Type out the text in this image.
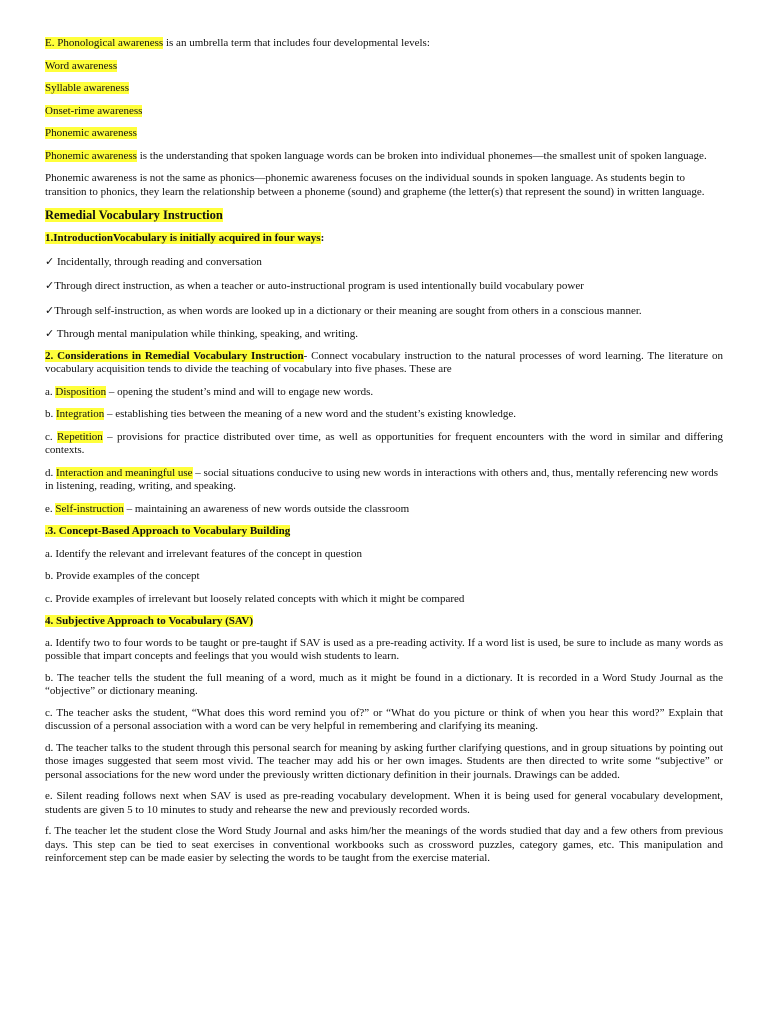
E. Phonological awareness is an umbrella term that includes four developmental levels:

Word awareness

Syllable awareness

Onset-rime awareness

Phonemic awareness

Phonemic awareness is the understanding that spoken language words can be broken into individual phonemes—the smallest unit of spoken language.

Phonemic awareness is not the same as phonics—phonemic awareness focuses on the individual sounds in spoken language. As students begin to transition to phonics, they learn the relationship between a phoneme (sound) and grapheme (the letter(s) that represent the sound) in written language.

Remedial Vocabulary Instruction

1.IntroductionVocabulary is initially acquired in four ways:

✓ Incidentally, through reading and conversation

✓Through direct instruction, as when a teacher or auto-instructional program is used intentionally build vocabulary power

✓Through self-instruction, as when words are looked up in a dictionary or their meaning are sought from others in a conscious manner.

✓ Through mental manipulation while thinking, speaking, and writing.

2. Considerations in Remedial Vocabulary Instruction- Connect vocabulary instruction to the natural processes of word learning. The literature on vocabulary acquisition tends to divide the teaching of vocabulary into five phases. These are

a. Disposition – opening the student’s mind and will to engage new words.

b. Integration – establishing ties between the meaning of a new word and the student’s existing knowledge.

c. Repetition – provisions for practice distributed over time, as well as opportunities for frequent encounters with the word in similar and differing contexts.

d. Interaction and meaningful use – social situations conducive to using new words in interactions with others and, thus, mentally referencing new words in listening, reading, writing, and speaking.

e. Self-instruction – maintaining an awareness of new words outside the classroom

.3. Concept-Based Approach to Vocabulary Building

a. Identify the relevant and irrelevant features of the concept in question

b. Provide examples of the concept

c. Provide examples of irrelevant but loosely related concepts with which it might be compared

4. Subjective Approach to Vocabulary (SAV)

a. Identify two to four words to be taught or pre-taught if SAV is used as a pre-reading activity. If a word list is used, be sure to include as many words as possible that impart concepts and feelings that you would wish students to learn.

b. The teacher tells the student the full meaning of a word, much as it might be found in a dictionary. It is recorded in a Word Study Journal as the “objective” or dictionary meaning.

c. The teacher asks the student, “What does this word remind you of?” or “What do you picture or think of when you hear this word?” Explain that discussion of a personal association with a word can be very helpful in remembering and clarifying its meaning.

d. The teacher talks to the student through this personal search for meaning by asking further clarifying questions, and in group situations by pointing out those images suggested that seem most vivid. The teacher may add his or her own images. Students are then directed to write some “subjective” or personal associations for the new word under the previously written dictionary definition in their journals. Drawings can be added.

e. Silent reading follows next when SAV is used as pre-reading vocabulary development. When it is being used for general vocabulary development, students are given 5 to 10 minutes to study and rehearse the new and previously recorded words.

f. The teacher let the student close the Word Study Journal and asks him/her the meanings of the words studied that day and a few others from previous days. This step can be tied to seat exercises in conventional workbooks such as crossword puzzles, category games, etc. This manipulation and reinforcement step can be made easier by selecting the words to be taught from the exercise material.
